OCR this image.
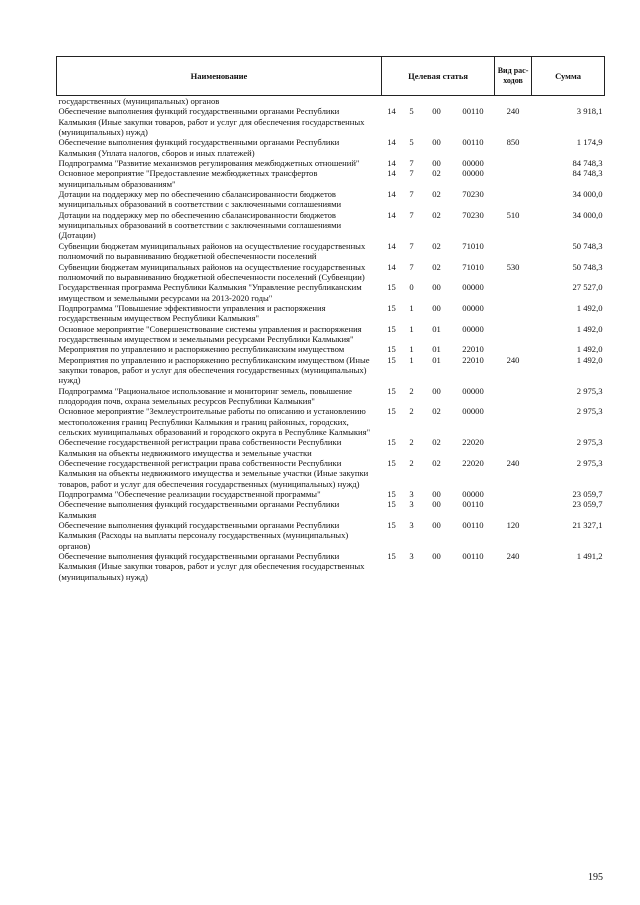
Наименование	Целевая статья				Вид рас-ходов	Сумма
государственных (муниципальных) органов						
Обеспечение выполнения функций государственными органами Республики Калмыкия (Иные закупки товаров, работ и услуг для обеспечения государственных (муниципальных) нужд)	14	5	00	00110	240	3 918,1
Обеспечение выполнения функций государственными органами Республики Калмыкия (Уплата налогов, сборов и иных платежей)	14	5	00	00110	850	1 174,9
Подпрограмма "Развитие механизмов регулирования межбюджетных отношений"	14	7	00	00000		84 748,3
Основное мероприятие "Предоставление межбюджетных трансфертов муниципальным образованиям"	14	7	02	00000		84 748,3
Дотации на поддержку мер по обеспечению сбалансированности бюджетов муниципальных образований в соответствии с заключенными соглашениями	14	7	02	70230		34 000,0
Дотации на поддержку мер по обеспечению сбалансированности бюджетов муниципальных образований в соответствии с заключенными соглашениями (Дотации)	14	7	02	70230	510	34 000,0
Субвенции бюджетам муниципальных районов на осуществление государственных полномочий по выравниванию бюджетной обеспеченности поселений	14	7	02	71010		50 748,3
Субвенции бюджетам муниципальных районов на осуществление государственных полномочий по выравниванию бюджетной обеспеченности поселений (Субвенции)	14	7	02	71010	530	50 748,3
Государственная программа Республики Калмыкия "Управление республиканским имуществом и земельными ресурсами на 2013-2020 годы"	15	0	00	00000		27 527,0
Подпрограмма "Повышение эффективности управления и распоряжения государственным имуществом Республики Калмыкия"	15	1	00	00000		1 492,0
Основное мероприятие "Совершенствование системы управления и распоряжения государственным имуществом и земельными ресурсами Республики Калмыкия"	15	1	01	00000		1 492,0
Мероприятия по управлению и распоряжению республиканским имуществом	15	1	01	22010		1 492,0
Мероприятия по управлению и распоряжению республиканским имуществом (Иные закупки товаров, работ и услуг для обеспечения государственных (муниципальных) нужд)	15	1	01	22010	240	1 492,0
Подпрограмма "Рациональное использование и мониторинг земель, повышение плодородия почв, охрана земельных ресурсов Республики Калмыкия"	15	2	00	00000		2 975,3
Основное мероприятие "Землеустроительные работы по описанию и установлению местоположения границ Республики Калмыкия и границ районных, городских, сельских муниципальных образований и городского округа в Республике Калмыкия"	15	2	02	00000		2 975,3
Обеспечение государственной регистрации права собственности Республики Калмыкия на объекты недвижимого имущества и земельные участки	15	2	02	22020		2 975,3
Обеспечение государственной регистрации права собственности Республики Калмыкия на объекты недвижимого имущества и земельные участки (Иные закупки товаров, работ и услуг для обеспечения государственных (муниципальных) нужд)	15	2	02	22020	240	2 975,3
Подпрограмма "Обеспечение реализации государственной программы"	15	3	00	00000		23 059,7
Обеспечение выполнения функций государственными органами Республики Калмыкия	15	3	00	00110		23 059,7
Обеспечение выполнения функций государственными органами Республики Калмыкия (Расходы на выплаты персоналу государственных (муниципальных) органов)	15	3	00	00110	120	21 327,1
Обеспечение выполнения функций государственными органами Республики Калмыкия (Иные закупки товаров, работ и услуг для обеспечения государственных (муниципальных) нужд)	15	3	00	00110	240	1 491,2
195
